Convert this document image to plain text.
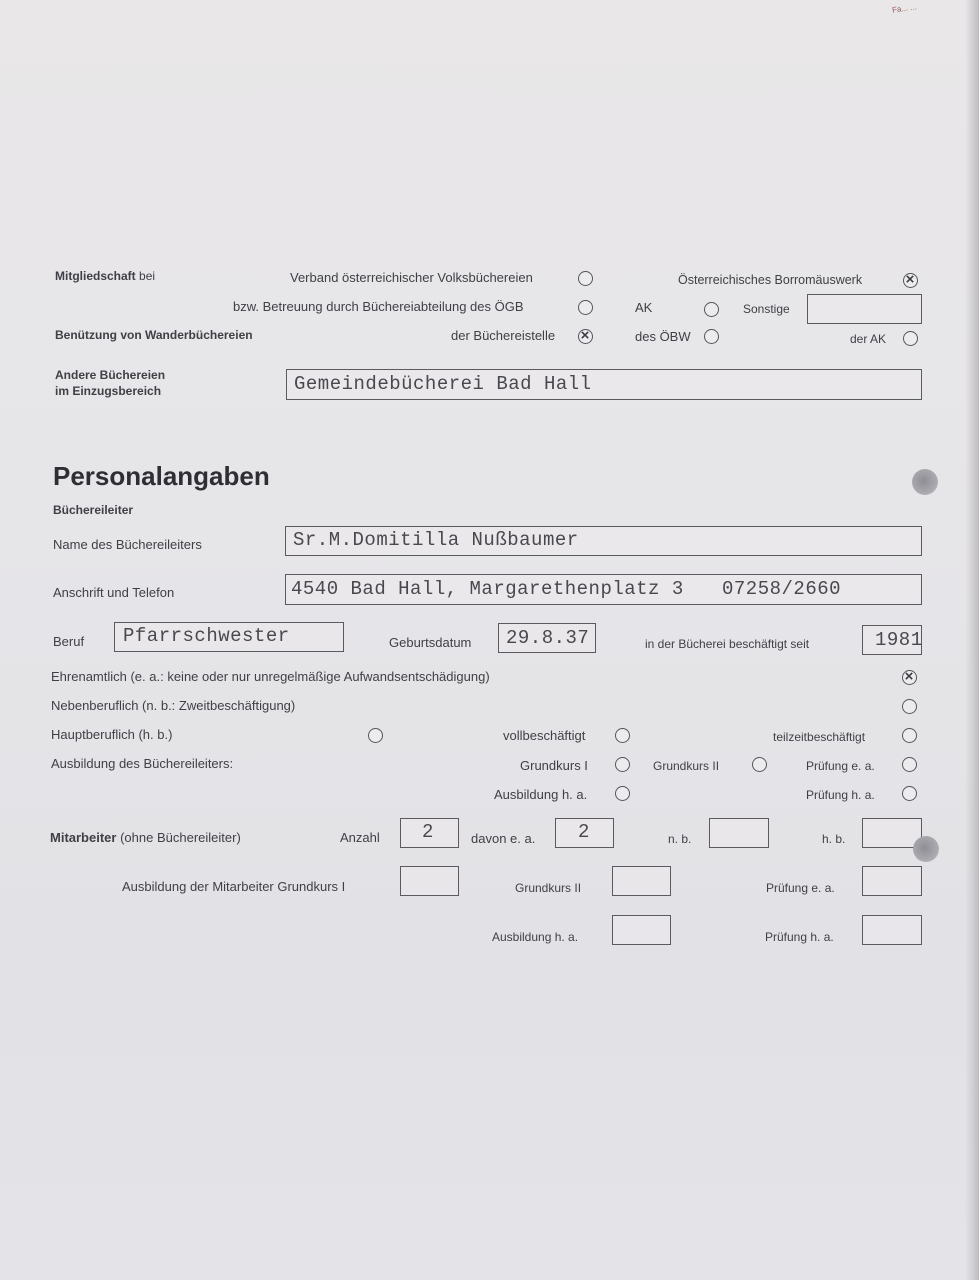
Fa... ...
Mitgliedschaft bei	Verband österreichischer Volksbüchereien	Österreichisches Borromäuswerk
×
bzw. Betreuung durch Büchereiabteilung des ÖGB	AK	Sonstige
Benützung von Wanderbüchereien	der Büchereistelle
×	des ÖBW	der AK
Andere Büchereien
im Einzugsbereich	Gemeindebücherei Bad Hall
Personalangaben
Büchereileiter
Name des Büchereileiters	Sr.M.Domitilla Nußbaumer
Anschrift und Telefon	4540 Bad Hall, Margarethenplatz 3 07258/2660
Beruf Pfarrschwester	Geburtsdatum 29.8.37	in der Bücherei beschäftigt seit	1981
Ehrenamtlich (e. a.: keine oder nur unregelmäßige Aufwandsentschädigung)
×
Nebenberuflich (n. b.: Zweitbeschäftigung)
Hauptberuflich (h. b.)	vollbeschäftigt	teilzeitbeschäftigt
Ausbildung des Büchereileiters:	Grundkurs I	Grundkurs II	Prüfung e. a.
Ausbildung h. a.	Prüfung h. a.
Mitarbeiter (ohne Büchereileiter)	Anzahl 2	davon e. a. 2	n. b.	h. b.
Ausbildung der Mitarbeiter Grundkurs I	Grundkurs II	Prüfung e. a.
Ausbildung h. a.	Prüfung h. a.
